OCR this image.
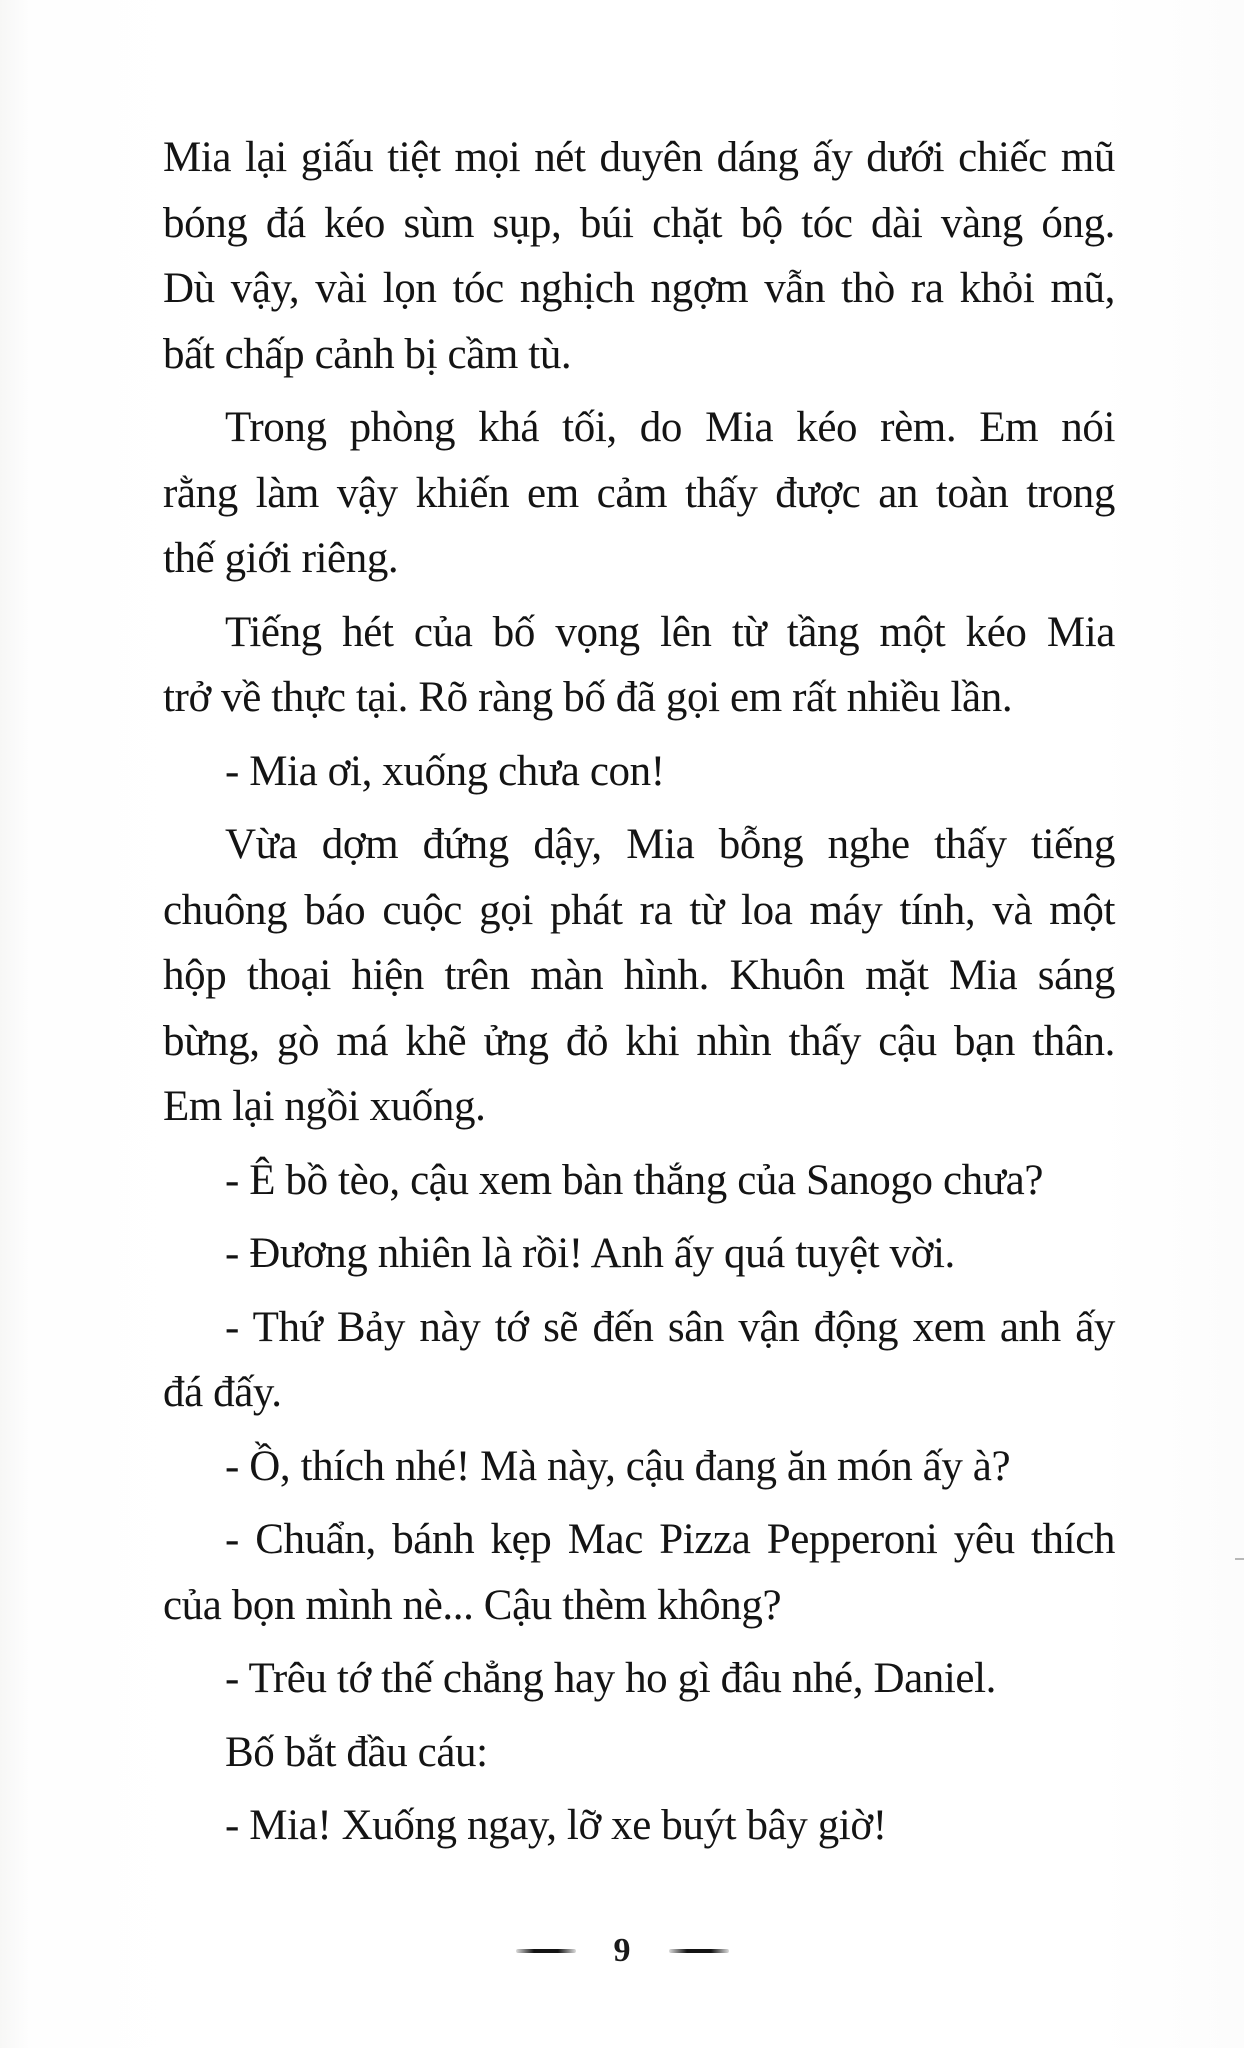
Mia lại giấu tiệt mọi nét duyên dáng ấy dưới chiếc mũ
bóng đá kéo sùm sụp, búi chặt bộ tóc dài vàng óng.
Dù vậy, vài lọn tóc nghịch ngợm vẫn thò ra khỏi mũ,
bất chấp cảnh bị cầm tù.

Trong phòng khá tối, do Mia kéo rèm. Em nói
rằng làm vậy khiến em cảm thấy được an toàn trong
thế giới riêng.

Tiếng hét của bố vọng lên từ tầng một kéo Mia
trở về thực tại. Rõ ràng bố đã gọi em rất nhiều lần.

- Mia ơi, xuống chưa con!

Vừa dợm đứng dậy, Mia bỗng nghe thấy tiếng
chuông báo cuộc gọi phát ra từ loa máy tính, và một
hộp thoại hiện trên màn hình. Khuôn mặt Mia sáng
bừng, gò má khẽ ửng đỏ khi nhìn thấy cậu bạn thân.
Em lại ngồi xuống.

- Ê bồ tèo, cậu xem bàn thắng của Sanogo chưa?

- Đương nhiên là rồi! Anh ấy quá tuyệt vời.

- Thứ Bảy này tớ sẽ đến sân vận động xem anh ấy
đá đấy.

- Ồ, thích nhé! Mà này, cậu đang ăn món ấy à?

- Chuẩn, bánh kẹp Mac Pizza Pepperoni yêu thích
của bọn mình nè... Cậu thèm không?

- Trêu tớ thế chẳng hay ho gì đâu nhé, Daniel.

Bố bắt đầu cáu:

- Mia! Xuống ngay, lỡ xe buýt bây giờ!

9
